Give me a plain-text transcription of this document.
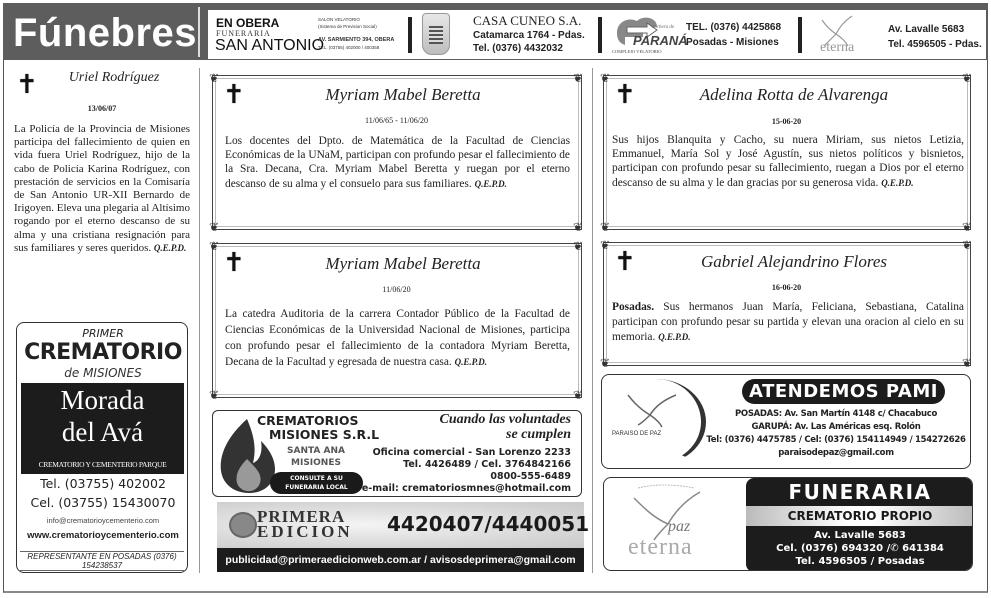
Fúnebres EN OBERA
FUNERARIA
SAN ANTONIO
SALON VELATORIO
(Sistema de Prevision Social)
AV. SARMIENTO 394, OBERA
TEL. (03755) 402000 / 400358
CASA CUNEO S.A.
Catamarca 1764 - Pdas.
Tel. (0376) 4432032
cochera de
PARANÁ
COMPLEJO VELATORIO
TEL. (0376) 4425868
Posadas - Misiones	eterna
Av. Lavalle 5683
Tel. 4596505 - Pdas.
✝	Uriel Rodríguez
13/06/07
La Policía de la Provincia de Misiones participa del fallecimiento de quien en vida fuera Uriel Rodríguez, hijo de la cabo de Policía Karina Rodríguez, con prestación de servicios en la Comisaría de San Antonio UR-XII Bernardo de Irigoyen. Eleva una plegaria al Altísimo rogando por el eterno descanso de su alma y una cristiana resignación para sus familiares y seres queridos. Q.E.P.D.
PRIMER
CREMATORIO
de MISIONES
Morada
del Avá
CREMATORIO Y CEMENTERIO PARQUE
Tel. (03755) 402002
Cel. (03755) 15430070
info@crematorioycementerio.com
www.crematorioycementerio.com
REPRESENTANTE EN POSADAS (0376) 154238537
❦	❦
❦	❦
✝	Myriam Mabel Beretta
11/06/65 - 11/06/20
Los docentes del Dpto. de Matemática de la Facultad de Ciencias Económicas de la UNaM, participan con profundo pesar el fallecimiento de la Sra. Decana, Cra. Myriam Mabel Beretta y ruegan por el eterno descanso de su alma y el consuelo para sus familiares. Q.E.P.D.
❦	❦
❦	❦
✝	Myriam Mabel Beretta
11/06/20
La catedra Auditoria de la carrera Contador Público de la Facultad de Ciencias Económicas de la Universidad Nacional de Misiones, participa con profundo pesar el fallecimiento de la contadora Myriam Beretta, Decana de la Facultad y egresada de nuestra casa. Q.E.P.D.
CREMATORIOS
MISIONES S.R.L
SANTA ANA
MISIONES
CONSULTE A SU
FUNERARIA LOCAL
Cuando las voluntades
se cumplen
Oficina comercial - San Lorenzo 2233
Tel. 4426489 / Cel. 3764842166
0800-555-6489
e-mail: crematoriosmnes@hotmail.com
PRIMERA
EDICION 4420407/4440051
publicidad@primeraedicionweb.com.ar / avisosdeprimera@gmail.com
❦	❦
❦	❦
✝	Adelina Rotta de Alvarenga
15-06-20
Sus hijos Blanquita y Cacho, su nuera Miriam, sus nietos Letizia, Emmanuel, María Sol y José Agustín, sus nietos políticos y bisnietos, participan con profundo pesar su fallecimiento, ruegan a Dios por el eterno descanso de su alma y le dan gracias por su generosa vida. Q.E.P.D.
❦	❦
❦	❦
✝	Gabriel Alejandrino Flores
16-06-20
Posadas. Sus hermanos Juan María, Feliciana, Sebastiana, Catalina participan con profundo pesar su partida y elevan una oracion al cielo en su memoria. Q.E.P.D.
PARAISO DE PAZ
ATENDEMOS PAMI
POSADAS: Av. San Martín 4148 c/ Chacabuco
GARUPÁ: Av. Las Américas esq. Rolón
Tel: (0376) 4475785 / Cel: (0376) 154114949 / 154272626
paraisodepaz@gmail.com
paz
eterna
FUNERARIA
CREMATORIO PROPIO
Av. Lavalle 5683
Cel. (0376) 694320 /✆ 641384
Tel. 4596505 / Posadas
